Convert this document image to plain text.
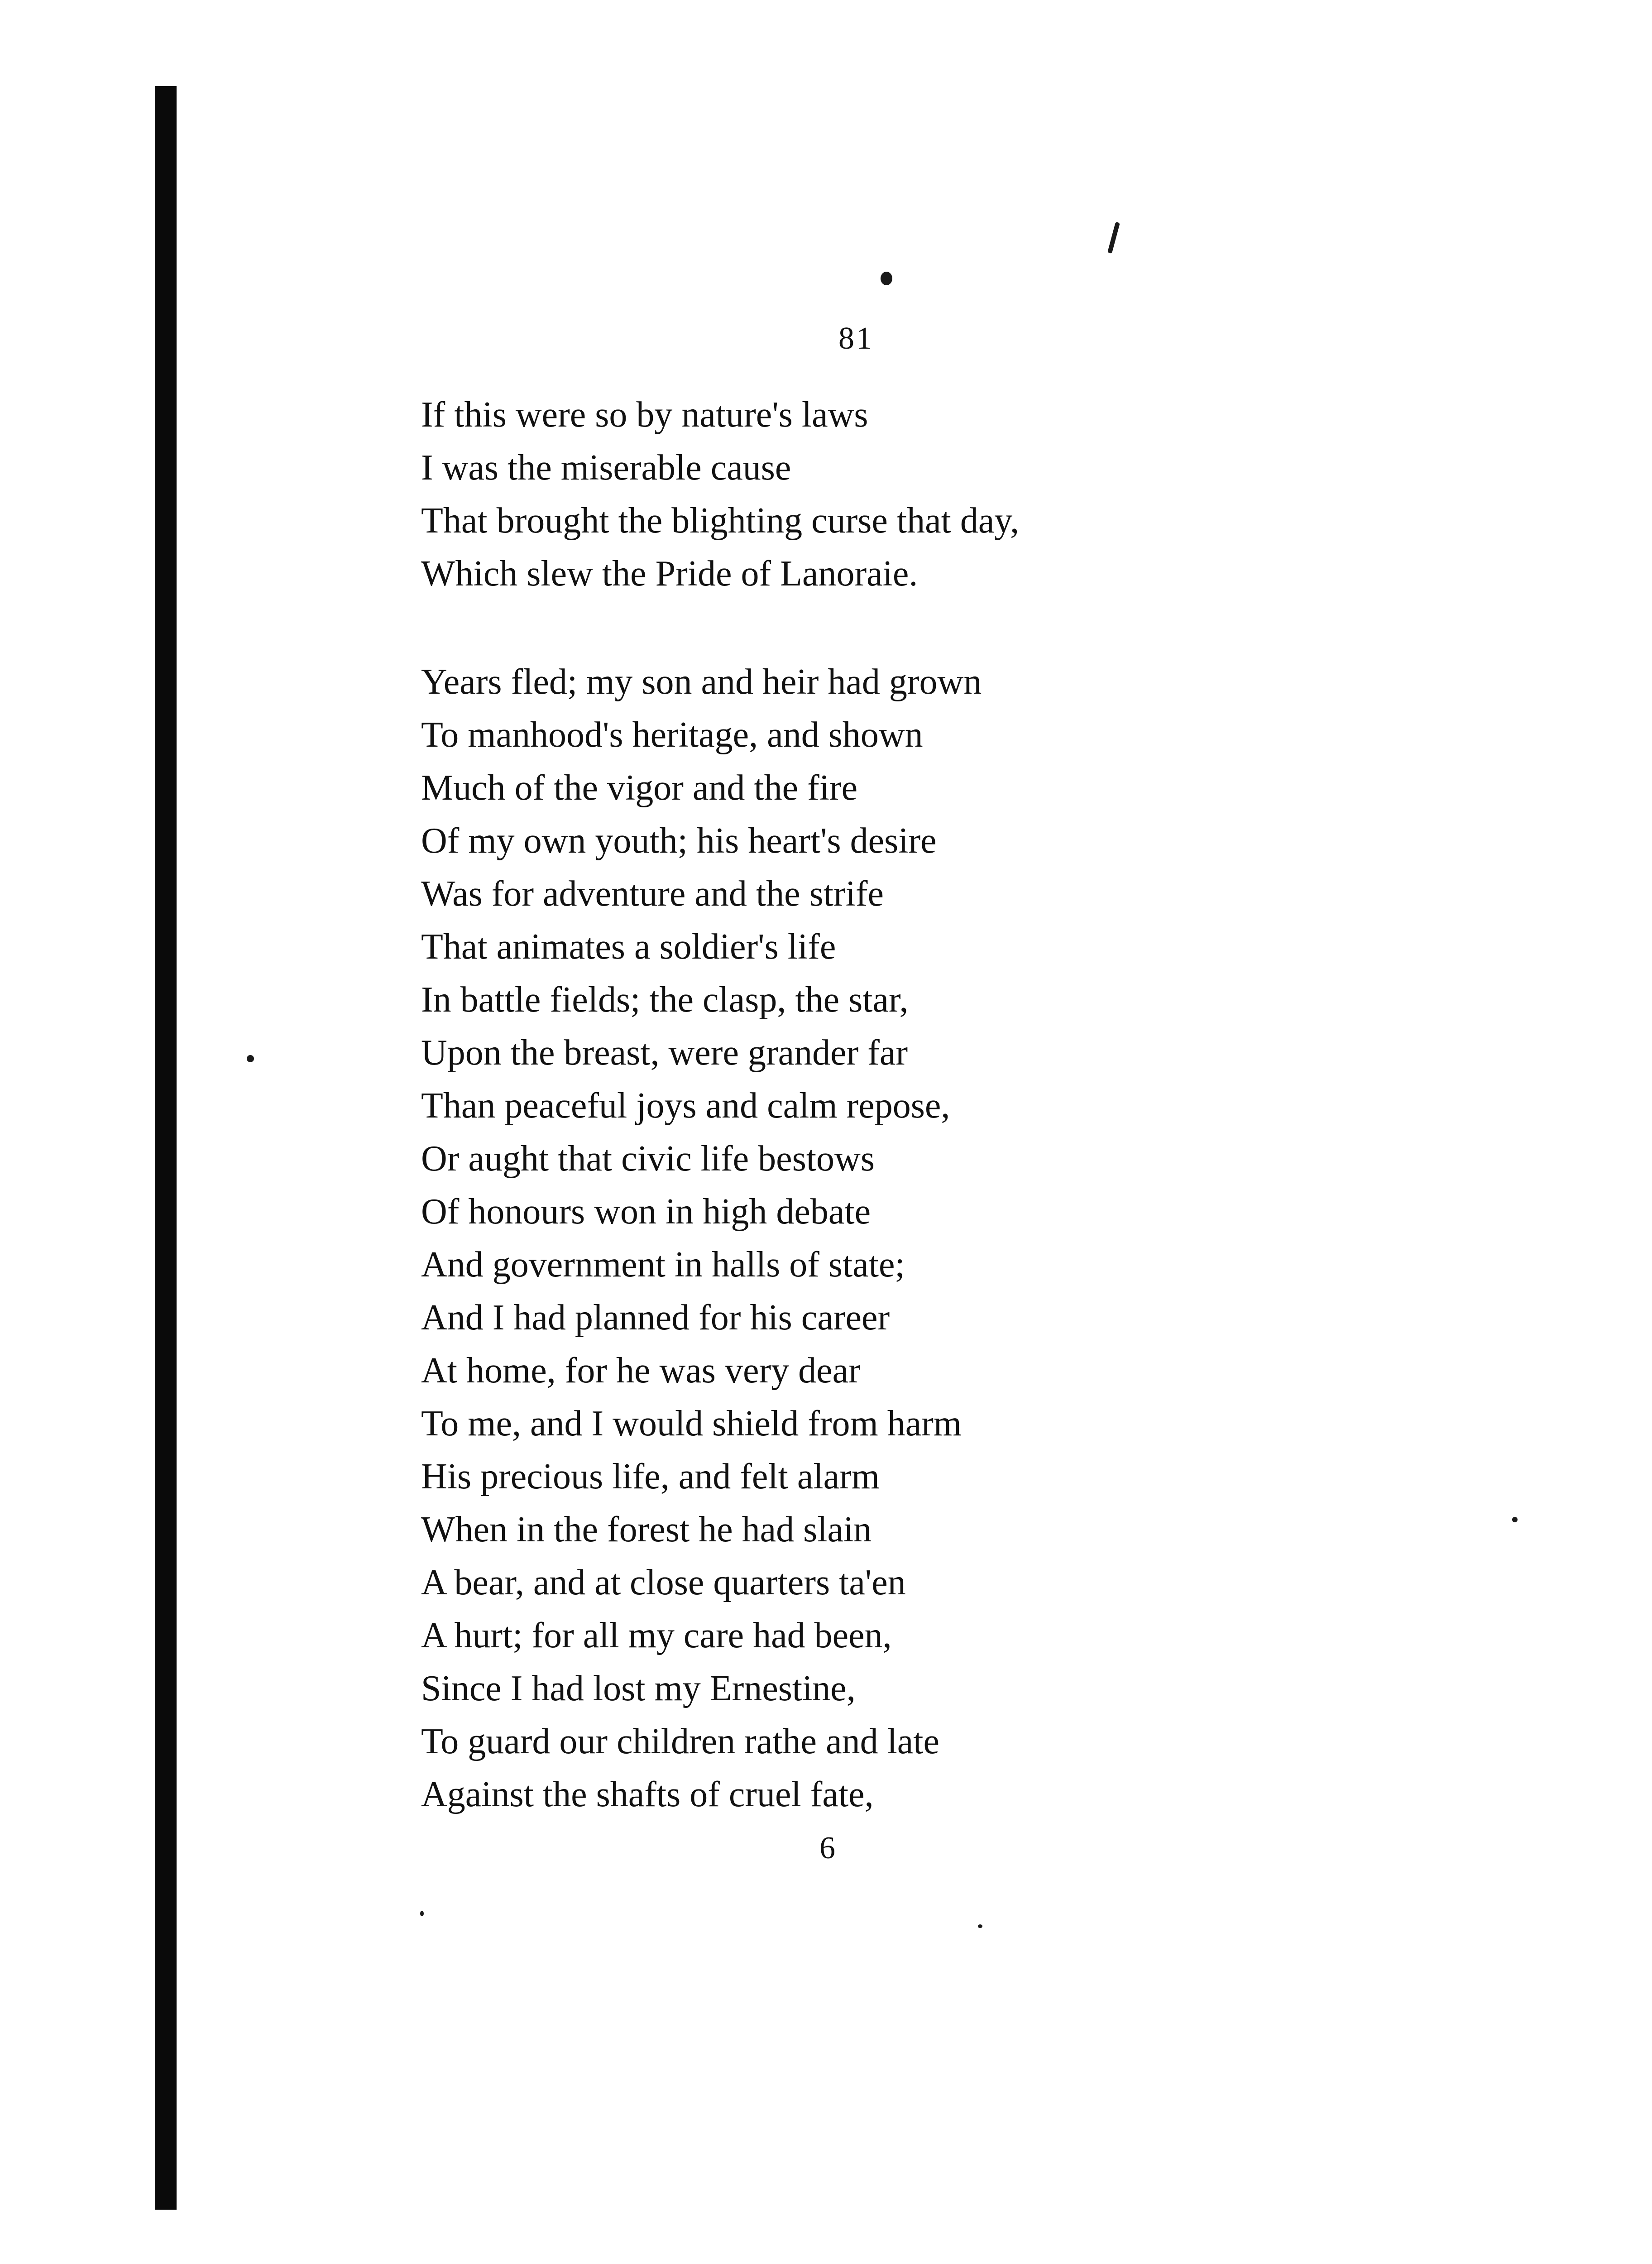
81
If this were so by nature's laws
I was the miserable cause
That brought the blighting curse that day,
Which slew the Pride of Lanoraie.
Years fled; my son and heir had grown
To manhood's heritage, and shown
Much of the vigor and the fire
Of my own youth; his heart's desire
Was for adventure and the strife
That animates a soldier's life
In battle fields; the clasp, the star,
Upon the breast, were grander far
Than peaceful joys and calm repose,
Or aught that civic life bestows
Of honours won in high debate
And government in halls of state;
And I had planned for his career
At home, for he was very dear
To me, and I would shield from harm
His precious life, and felt alarm
When in the forest he had slain
A bear, and at close quarters ta'en
A hurt; for all my care had been,
Since I had lost my Ernestine,
To guard our children rathe and late
Against the shafts of cruel fate,
6
